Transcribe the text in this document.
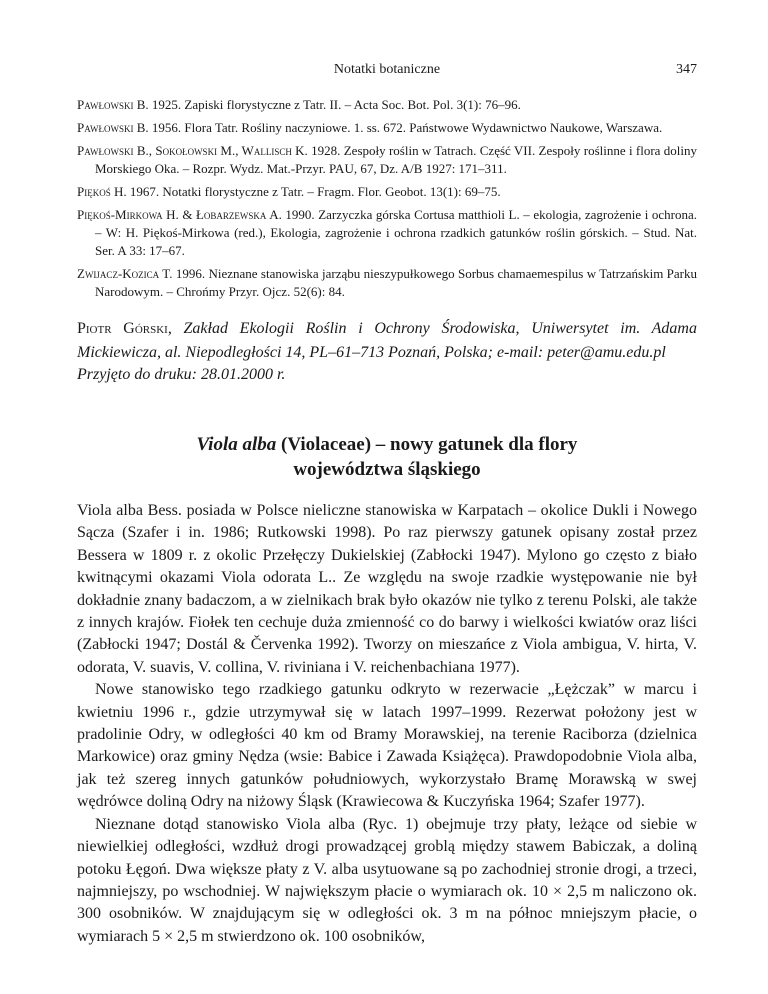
Notatki botaniczne	347

Pawłowski B. 1925. Zapiski florystyczne z Tatr. II. – Acta Soc. Bot. Pol. 3(1): 76–96.

Pawłowski B. 1956. Flora Tatr. Rośliny naczyniowe. 1. ss. 672. Państwowe Wydawnictwo Naukowe, Warszawa.

Pawłowski B., Sokołowski M., Wallisch K. 1928. Zespoły roślin w Tatrach. Część VII. Zespoły roślinne i flora doliny Morskiego Oka. – Rozpr. Wydz. Mat.-Przyr. PAU, 67, Dz. A/B 1927: 171–311.

Piękoś H. 1967. Notatki florystyczne z Tatr. – Fragm. Flor. Geobot. 13(1): 69–75.

Piękoś-Mirkowa H. & Łobarzewska A. 1990. Zarzyczka górska Cortusa matthioli L. – ekologia, zagrożenie i ochrona. – W: H. Piękoś-Mirkowa (red.), Ekologia, zagrożenie i ochrona rzadkich gatunków roślin górskich. – Stud. Nat. Ser. A 33: 17–67.

Zwijacz-Kozica T. 1996. Nieznane stanowiska jarząbu nieszypułkowego Sorbus chamaemespilus w Tatrzańskim Parku Narodowym. – Chrońmy Przyr. Ojcz. 52(6): 84.

Piotr Górski, Zakład Ekologii Roślin i Ochrony Środowiska, Uniwersytet im. Adama Mickiewicza, al. Niepodległości 14, PL–61–713 Poznań, Polska; e-mail: peter@amu.edu.pl
Przyjęto do druku: 28.01.2000 r.
Viola alba (Violaceae) – nowy gatunek dla flory
województwa śląskiego

Viola alba Bess. posiada w Polsce nieliczne stanowiska w Karpatach – okolice Dukli i Nowego Sącza (Szafer i in. 1986; Rutkowski 1998). Po raz pierwszy gatunek opisany został przez Bessera w 1809 r. z okolic Przełęczy Dukielskiej (Zabłocki 1947). Mylono go często z biało kwitnącymi okazami Viola odorata L.. Ze względu na swoje rzadkie występowanie nie był dokładnie znany badaczom, a w zielnikach brak było okazów nie tylko z terenu Polski, ale także z innych krajów. Fiołek ten cechuje duża zmienność co do barwy i wielkości kwiatów oraz liści (Zabłocki 1947; Dostál & Červenka 1992). Tworzy on mieszańce z Viola ambigua, V. hirta, V. odorata, V. suavis, V. collina, V. riviniana i V. reichenbachiana 1977).

Nowe stanowisko tego rzadkiego gatunku odkryto w rezerwacie „Łężczak” w marcu i kwietniu 1996 r., gdzie utrzymywał się w latach 1997–1999. Rezerwat położony jest w pradolinie Odry, w odległości 40 km od Bramy Morawskiej, na terenie Raciborza (dzielnica Markowice) oraz gminy Nędza (wsie: Babice i Zawada Książęca). Prawdopodobnie Viola alba, jak też szereg innych gatunków południowych, wykorzystało Bramę Morawską w swej wędrówce doliną Odry na niżowy Śląsk (Krawiecowa & Kuczyńska 1964; Szafer 1977).

Nieznane dotąd stanowisko Viola alba (Ryc. 1) obejmuje trzy płaty, leżące od siebie w niewielkiej odległości, wzdłuż drogi prowadzącej groblą między stawem Babiczak, a doliną potoku Łęgoń. Dwa większe płaty z V. alba usytuowane są po zachodniej stronie drogi, a trzeci, najmniejszy, po wschodniej. W największym płacie o wymiarach ok. 10 × 2,5 m naliczono ok. 300 osobników. W znajdującym się w odległości ok. 3 m na północ mniejszym płacie, o wymiarach 5 × 2,5 m stwierdzono ok. 100 osobników,
